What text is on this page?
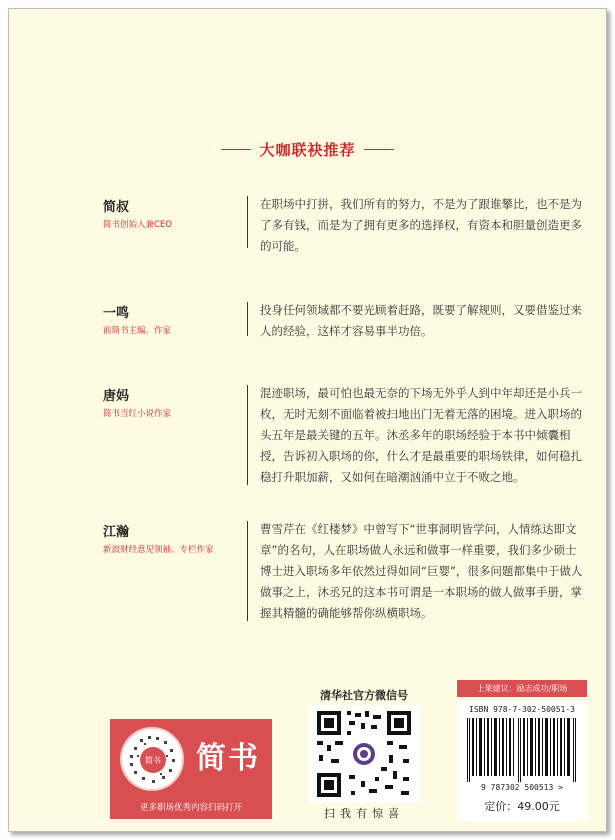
大咖联袂推荐
简叔
简书创始人兼CEO
在职场中打拼，我们所有的努力，不是为了跟谁攀比，也不是为了多有钱，而是为了拥有更多的选择权，有资本和胆量创造更多的可能。
一鸣
前简书主编、作家
投身任何领域都不要光顾着赶路，既要了解规则，又要借鉴过来人的经验，这样才容易事半功倍。
唐妈
简书当红小说作家
混迹职场，最可怕也最无奈的下场无外乎人到中年却还是小兵一枚，无时无刻不面临着被扫地出门无着无落的困境。进入职场的头五年是最关键的五年。沐丞多年的职场经验于本书中倾囊相授，告诉初入职场的你，什么才是最重要的职场铁律，如何稳扎稳打升职加薪，又如何在暗潮汹涌中立于不败之地。
江瀚
新浪财经意见领袖、专栏作家
曹雪芹在《红楼梦》中曾写下“世事洞明皆学问，人情练达即文章”的名句，人在职场做人永远和做事一样重要，我们多少硕士博士进入职场多年依然过得如同“巨婴”，很多问题都集中于做人做事之上，沐丞兄的这本书可谓是一本职场的做人做事手册，掌握其精髓的确能够帮你纵横职场。
简书 简书
更多职场优秀内容扫码打开
清华社官方微信号
扫我有惊喜
上架建议：励志成功/职场
ISBN 978-7-302-50051-3
9 787302 500513 >
定价：49.00元
